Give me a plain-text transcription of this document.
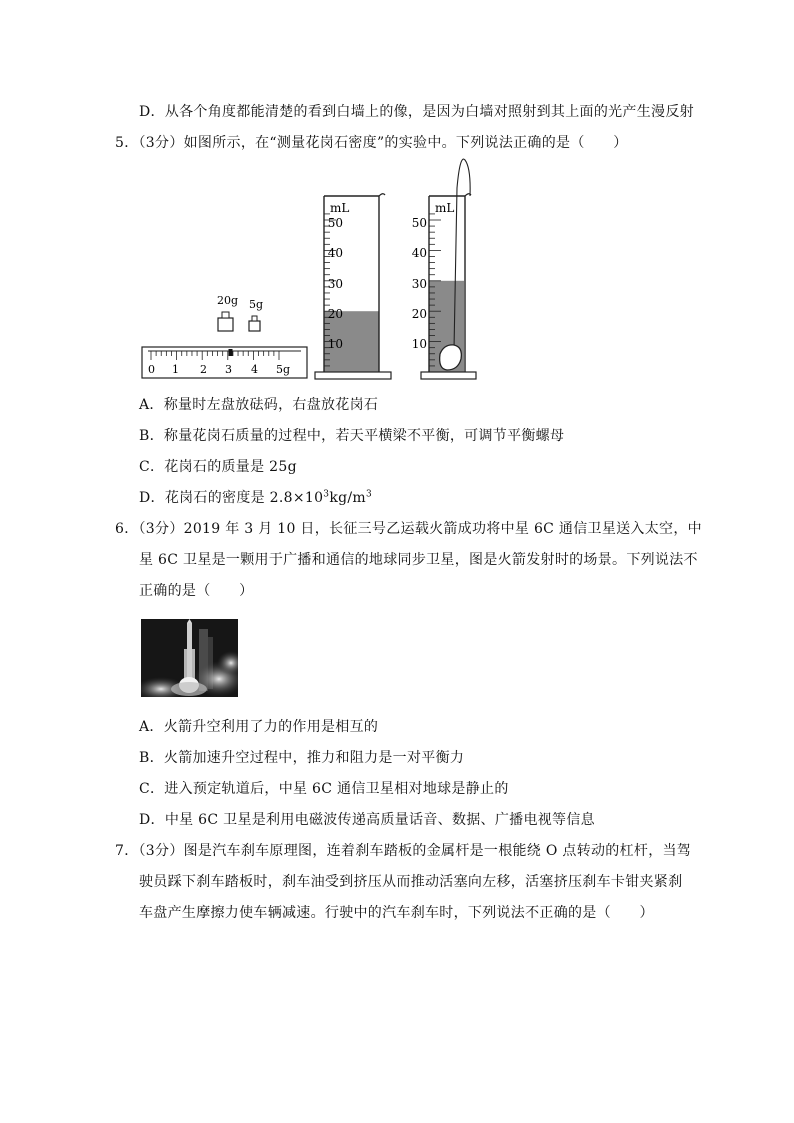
D．从各个角度都能清楚的看到白墙上的像，是因为白墙对照射到其上面的光产生漫反射
5．（3分）如图所示，在“测量花岗石密度”的实验中。下列说法正确的是（　　）
20g 5g
0 1 2 3 4 5g
mL
50
40
30
20
10
mL
50
40
30
20
10
A．称量时左盘放砝码，右盘放花岗石
B．称量花岗石质量的过程中，若天平横梁不平衡，可调节平衡螺母
C．花岗石的质量是 25g
D．花岗石的密度是 $2.8\times 10^3kg/m^3$
6．（3分）2019 年 3 月 10 日，长征三号乙运载火箭成功将中星 6C 通信卫星送入太空，中
星 6C 卫星是一颗用于广播和通信的地球同步卫星，图是火箭发射时的场景。下列说法不
正确的是（　　）
A．火箭升空利用了力的作用是相互的
B．火箭加速升空过程中，推力和阻力是一对平衡力
C．进入预定轨道后，中星 6C 通信卫星相对地球是静止的
D．中星 6C 卫星是利用电磁波传递高质量话音、数据、广播电视等信息
7．（3分）图是汽车刹车原理图，连着刹车踏板的金属杆是一根能绕 O 点转动的杠杆，当驾
驶员踩下刹车踏板时，刹车油受到挤压从而推动活塞向左移，活塞挤压刹车卡钳夹紧刹
车盘产生摩擦力使车辆减速。行驶中的汽车刹车时，下列说法不正确的是（　　）
